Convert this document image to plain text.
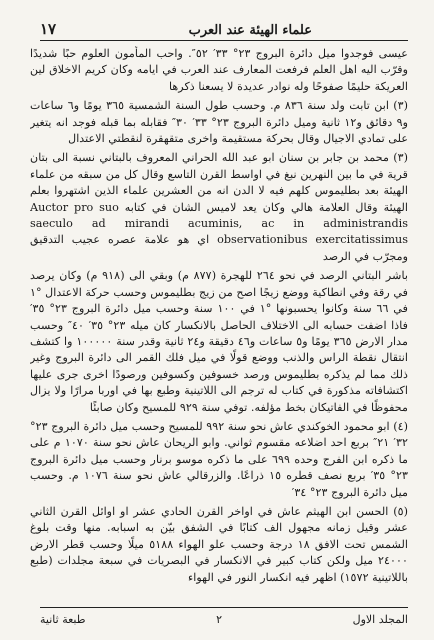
١٧	علماء الهيئة عند العرب

عيسى فوجدوا ميل دائرة البروج ٢٣° ٣٣′ ٥٢″. واحب المأمون العلوم حبًا شديدًا وقرّب اليه اهل العلم فرفعت المعارف عند العرب في ايامه وكان كريم الاخلاق لين العريكة حليمًا صفوحًا وله نوادر عديدة لا يسعنا ذكرها

(٣) ابن تابت ولد سنة ٨٣٦ م. وحسب طول السنة الشمسية ٣٦٥ يومًا و٦ ساعات و٩ دقائق و١٢ ثانية وميل دائرة البروج ٢٣° ٣٣′ ٣٠″ فقابله بما قبله فوجد انه يتغير على تمادي الاجيال وقال بحركة مستقيمة واخرى متقهقرة لنقطتي الاعتدال

(٣) محمد بن جابر بن سنان ابو عبد الله الحراني المعروف بالبتاني نسبة الى بتان قرية في ما بين النهرين نبغ في اواسط القرن التاسع وقال كل من سبقه من علماء الهيئة بعد بطليموس كلهم فيه لا الدن انه من العشرين علماء الذين اشتهروا بعلم الهيئة وقال العلامة هالي وكان يعد لاميس الشان في كتابه Auctor pro suo saeculo ad mirandi acuminis, ac in administrandis observationibus exercitatissimus اي هو علامة عصره عجيب التدقيق ومجرّب في الرصد

باشر البتاني الرصد في نحو ٢٦٤ للهجرة (٨٧٧ م) وبقي الى (٩١٨ م) وكان يرصد في رقة وفي انطاكية ووضع زيجًا اصح من زيج بطليموس وحسب حركة الاعتدال °١ في ٦٦ سنة وكانوا يحسبونها °١ في ١٠٠ سنة وحسب ميل دائرة البروج ٢٣° ٣٥′ فاذا اضفت حسابه الى الاختلاف الحاصل بالانكسار كان ميله ٢٣° ٣٥′ ٤٠″ وحسب مدار الارض ٣٦٥ يومًا و٥ ساعات و٤٦ دقيقة و٢٤ ثانية وقدر سنة ١٠٠٠٠٠ وا كتشف انتقال نقطة الراس والذنب ووضع قولًا في ميل فلك القمر الى دائرة البروج وغير ذلك مما لم يذكره بطليموس ورصد خسوفين وكسوفين ورصودًا اخرى جرى عليها اكتشافاته مذكورة في كتاب له ترجم الى اللاتينية وطبع بها في اوربا مرارًا ولا يزال محفوظًا في الفاتيكان بخط مؤلفه. توفي سنة ٩٢٩ للمسيح وكان صابئًا

(٤) ابو محمود الخوكندي عاش نحو سنة ٩٩٢ للمسيح وحسب ميل دائرة البروج ٢٣° ٣٢′ ٢١″ بربع احد اضلاعه مقسوم ثواني. وابو الريحان عاش نحو سنة ١٠٧٠ م على ما ذكره ابن الفرج وحده ٦٩٩ على ما ذكره موسو برنار وحسب ميل دائرة البروج ٢٣° ٣٥′ بربع نصف قطره ١٥ ذراعًا. والزرقالي عاش نحو سنة ١٠٧٦ م. وحسب ميل دائرة البروج ٢٣° ٣٤′

(٥) الحسن ابن الهيثم عاش في اواخر القرن الحادي عشر او اوائل القرن الثاني عشر وقيل زمانه مجهول الف كتابًا في الشفق بيّن به اسبابه. منها وقت بلوغ الشمس تحت الافق ١٨ درجة وحسب علو الهواء ٥١٨٨ ميلًا وحسب قطر الارض ٢٤٠٠٠ ميل ولكن كتاب كبير في الانكسار في البصريات في سبعة مجلدات (طبع باللاتينية ١٥٧٢) اظهر فيه انكسار النور في الهواء

المجلد الاول
٢
طبعة ثانية
